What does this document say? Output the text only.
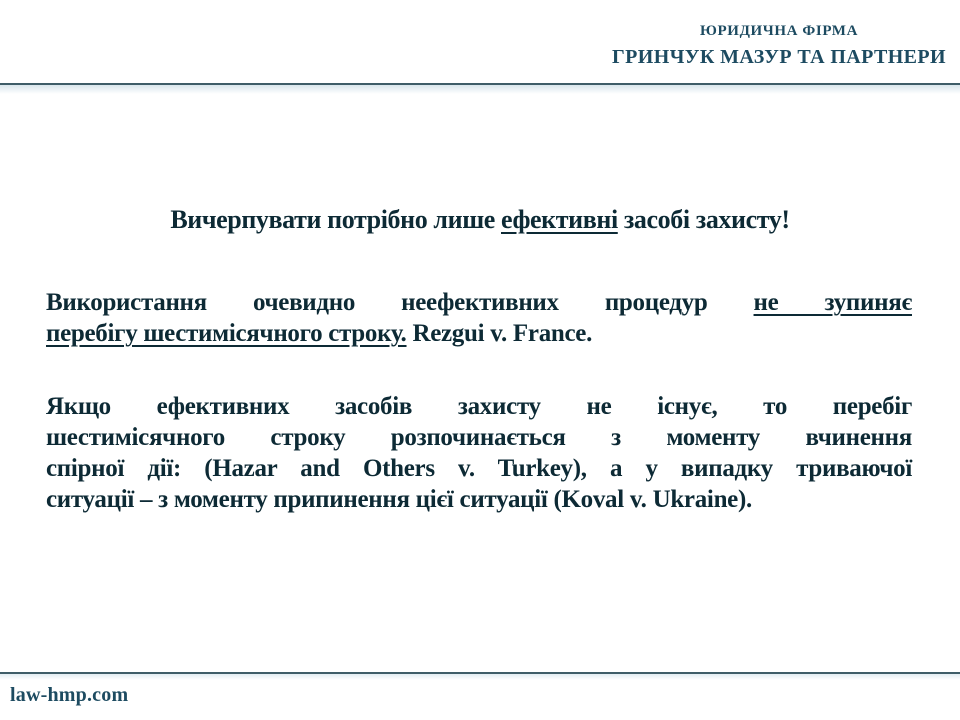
ЮРИДИЧНА ФІРМА
ГРИНЧУК МАЗУР ТА ПАРТНЕРИ
Вичерпувати потрібно лише ефективні засобі захисту!
Використання очевидно неефективних процедур не зупиняє
перебігу шестимісячного строку. Rezgui v. France.
Якщо ефективних засобів захисту не існує, то перебіг
шестимісячного строку розпочинається з моменту вчинення
спірної дії: (Hazar and Others v. Turkey), а у випадку триваючої
ситуації – з моменту припинення цієї ситуації (Koval v. Ukraine).
law-hmp.com
